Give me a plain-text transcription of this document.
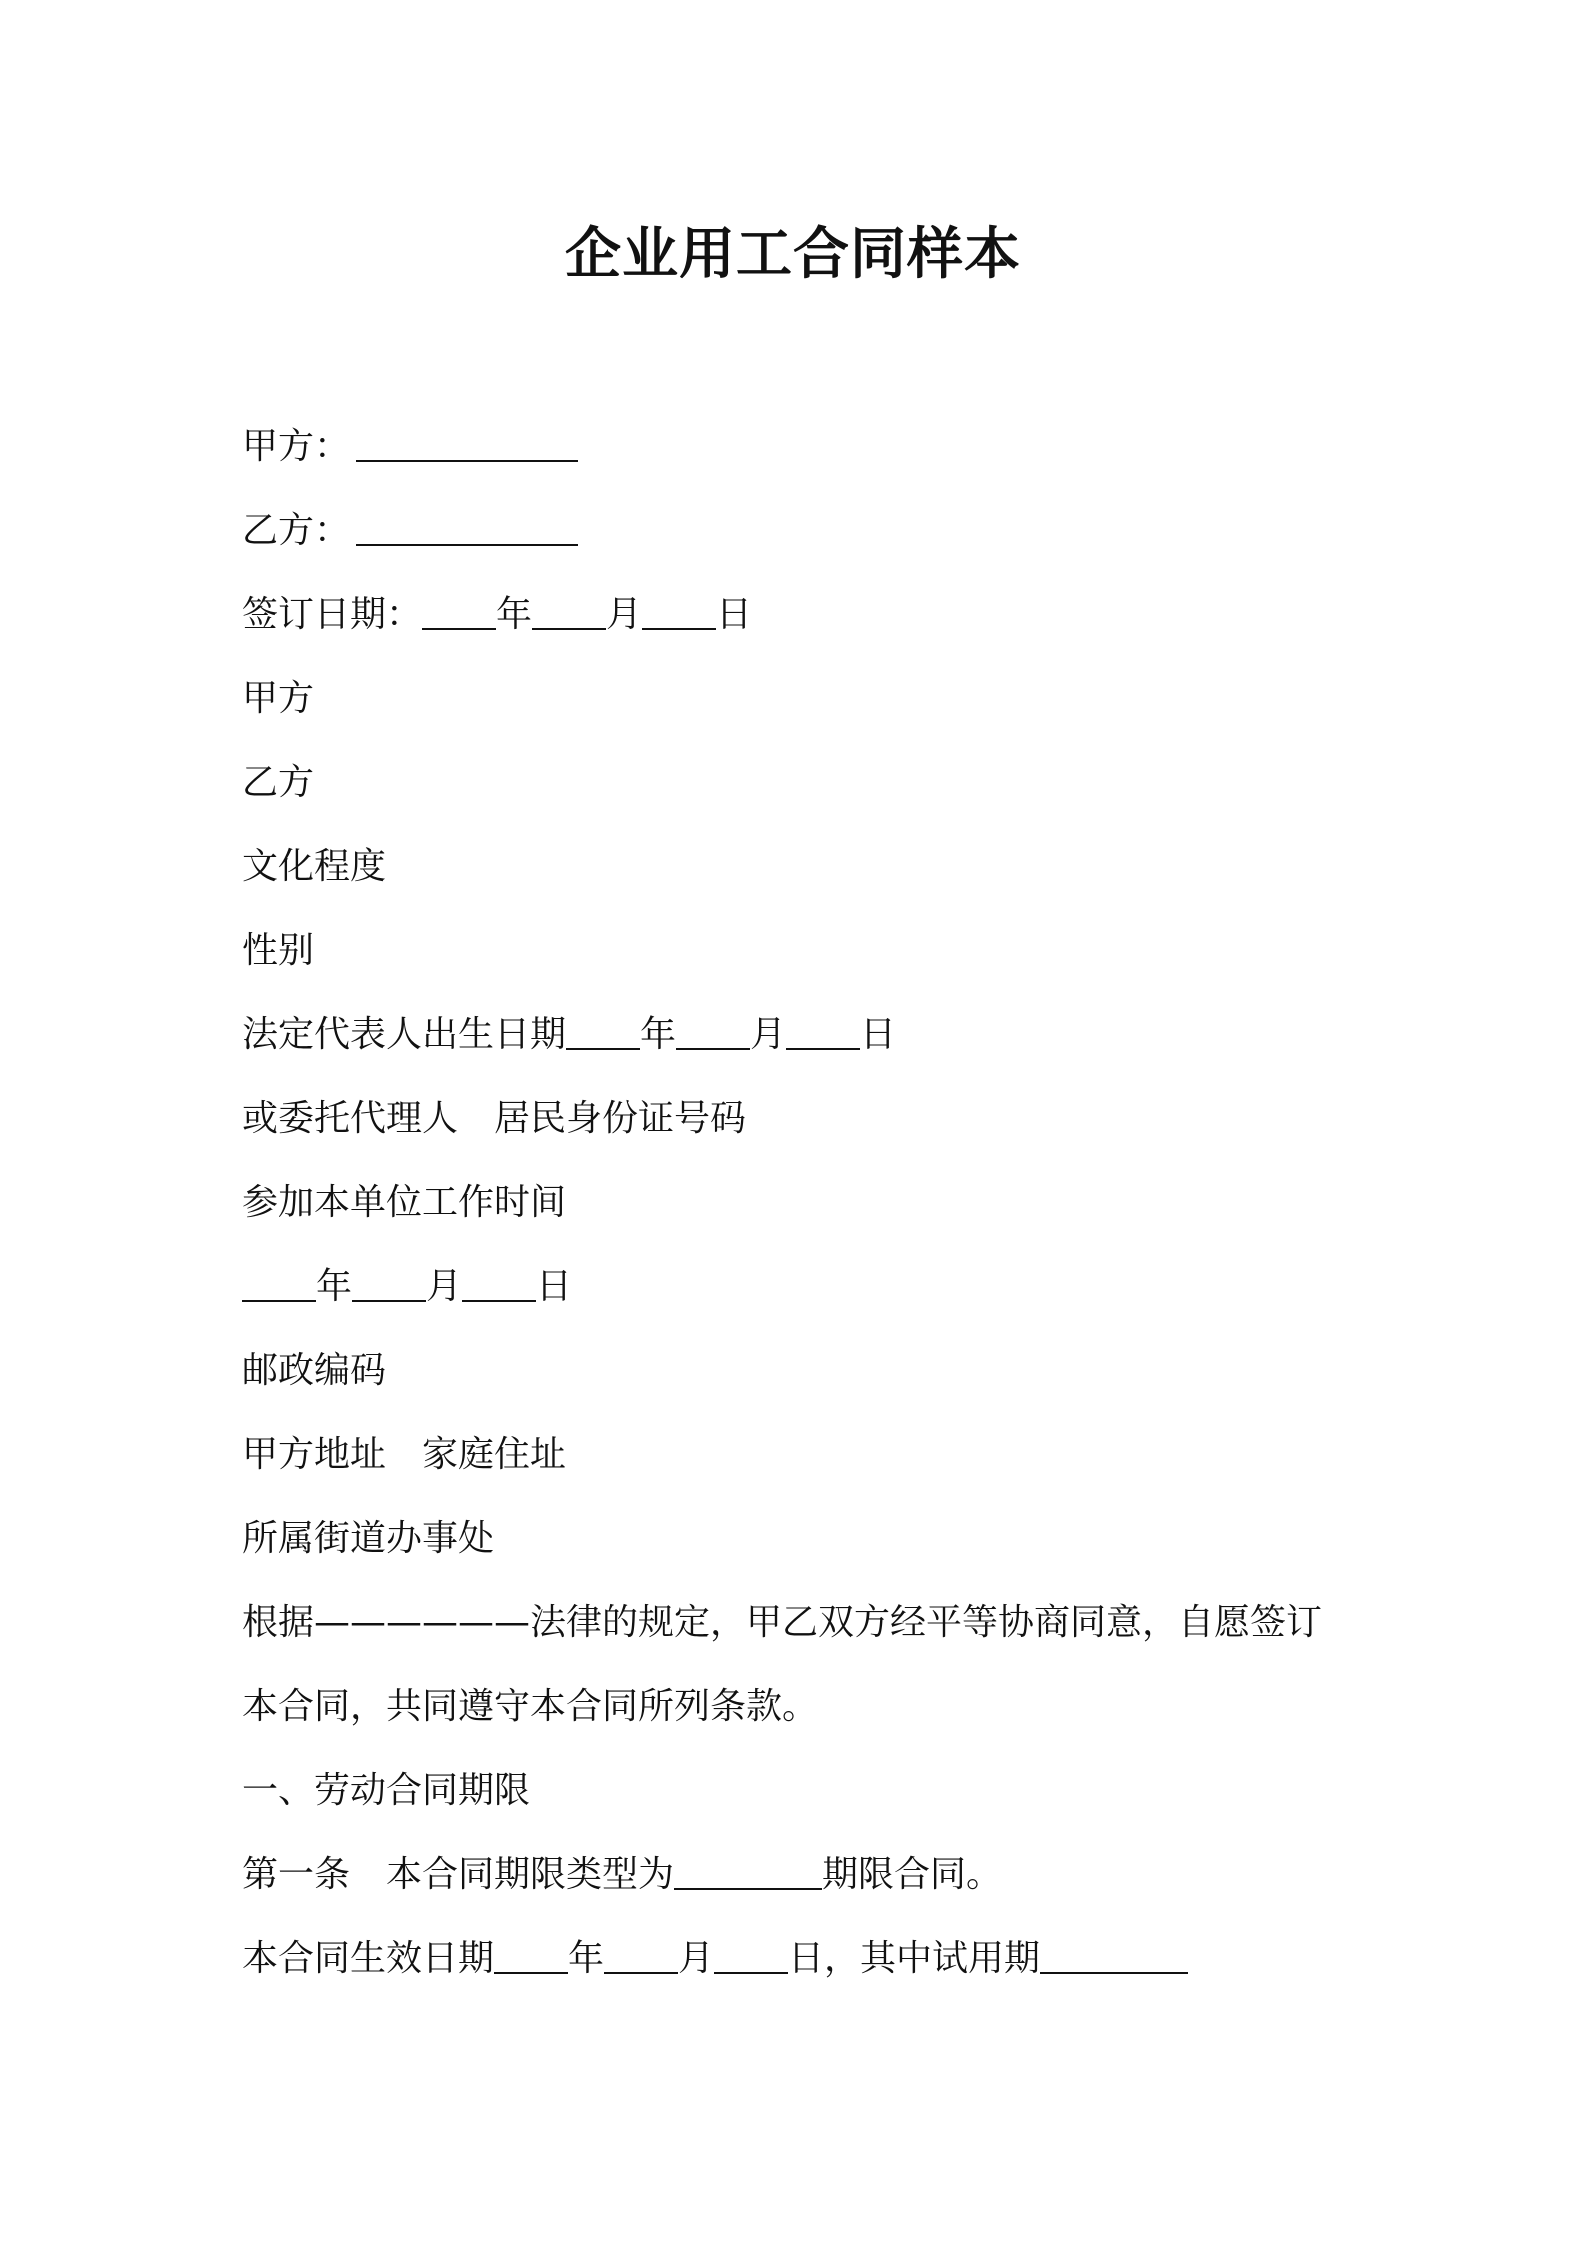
企业用工合同样本
甲方：
乙方：
签订日期： 年 月 日
甲方
乙方
文化程度
性别
法定代表人出生日期 年 月 日
或委托代理人 居民身份证号码
参加本单位工作时间
年 月 日
邮政编码
甲方地址 家庭住址
所属街道办事处
根据——————法律的规定，甲乙双方经平等协商同意，自愿签订
本合同，共同遵守本合同所列条款。
一、劳动合同期限
第一条 本合同期限类型为	期限合同。
本合同生效日期 年 月 日，其中试用期
